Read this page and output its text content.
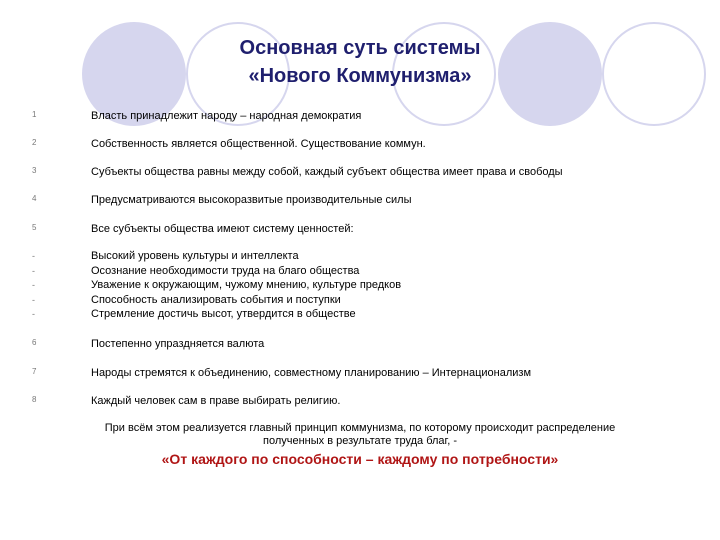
Основная суть системы
«Нового Коммунизма»
1	Власть принадлежит народу – народная демократия
2	Собственность является общественной. Существование коммун.
3	Субъекты общества равны между собой, каждый субъект общества имеет права и свободы
4	Предусматриваются высокоразвитые производительные силы
5	Все субъекты общества имеют систему ценностей:
-	Высокий уровень культуры и интеллекта
-	Осознание необходимости труда на благо общества
-	Уважение к окружающим, чужому мнению, культуре предков
-	Способность анализировать события и поступки
-	Стремление достичь высот, утвердится в обществе
6	Постепенно упраздняется валюта
7	Народы стремятся к объединению, совместному планированию – Интернационализм
8	Каждый человек сам в праве выбирать религию.
При всём этом реализуется главный принцип коммунизма, по которому происходит распределение
полученных в результате труда благ, -
«От каждого по способности – каждому по потребности»
